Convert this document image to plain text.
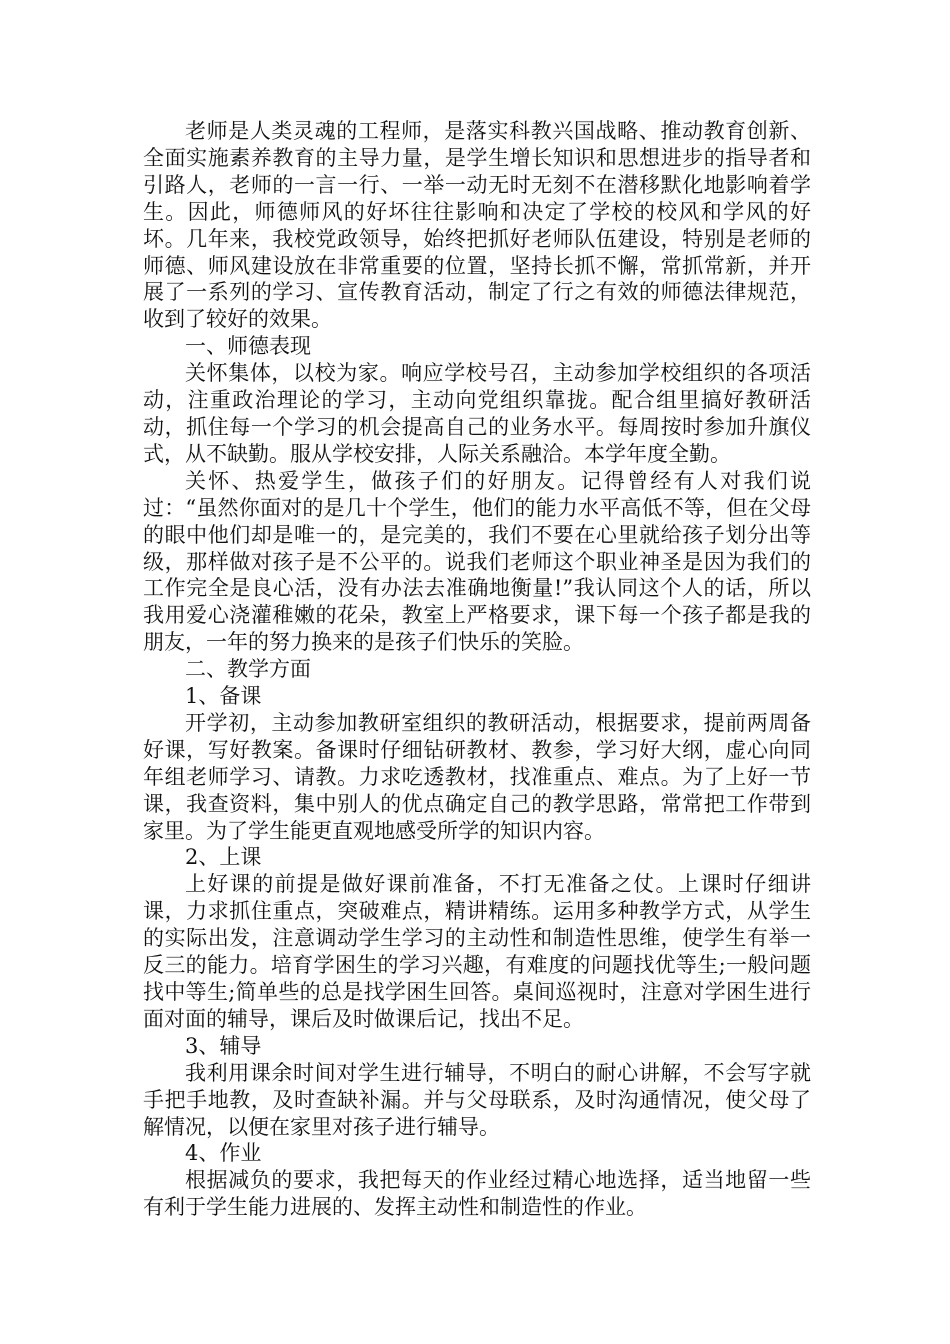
老师是人类灵魂的工程师，是落实科教兴国战略、推动教育创新、全面实施素养教育的主导力量，是学生增长知识和思想进步的指导者和引路人，老师的一言一行、一举一动无时无刻不在潜移默化地影响着学生。因此，师德师风的好坏往往影响和决定了学校的校风和学风的好坏。几年来，我校党政领导，始终把抓好老师队伍建设，特别是老师的师德、师风建设放在非常重要的位置，坚持长抓不懈，常抓常新，并开展了一系列的学习、宣传教育活动，制定了行之有效的师德法律规范，收到了较好的效果。

一、师德表现

关怀集体，以校为家。响应学校号召，主动参加学校组织的各项活动，注重政治理论的学习，主动向党组织靠拢。配合组里搞好教研活动，抓住每一个学习的机会提高自己的业务水平。每周按时参加升旗仪式，从不缺勤。服从学校安排，人际关系融洽。本学年度全勤。

关怀、热爱学生，做孩子们的好朋友。记得曾经有人对我们说过：“虽然你面对的是几十个学生，他们的能力水平高低不等，但在父母的眼中他们却是唯一的，是完美的，我们不要在心里就给孩子划分出等级，那样做对孩子是不公平的。说我们老师这个职业神圣是因为我们的工作完全是良心活，没有办法去准确地衡量!”我认同这个人的话，所以我用爱心浇灌稚嫩的花朵，教室上严格要求，课下每一个孩子都是我的朋友，一年的努力换来的是孩子们快乐的笑脸。

二、教学方面

1、备课

开学初，主动参加教研室组织的教研活动，根据要求，提前两周备好课，写好教案。备课时仔细钻研教材、教参，学习好大纲，虚心向同年组老师学习、请教。力求吃透教材，找准重点、难点。为了上好一节课，我查资料，集中别人的优点确定自己的教学思路，常常把工作带到家里。为了学生能更直观地感受所学的知识内容。

2、上课

上好课的前提是做好课前准备，不打无准备之仗。上课时仔细讲课，力求抓住重点，突破难点，精讲精练。运用多种教学方式，从学生的实际出发，注意调动学生学习的主动性和制造性思维，使学生有举一反三的能力。培育学困生的学习兴趣，有难度的问题找优等生;一般问题找中等生;简单些的总是找学困生回答。桌间巡视时，注意对学困生进行面对面的辅导，课后及时做课后记，找出不足。

3、辅导

我利用课余时间对学生进行辅导，不明白的耐心讲解，不会写字就手把手地教，及时查缺补漏。并与父母联系，及时沟通情况，使父母了解情况，以便在家里对孩子进行辅导。

4、作业

根据减负的要求，我把每天的作业经过精心地选择，适当地留一些有利于学生能力进展的、发挥主动性和制造性的作业。
